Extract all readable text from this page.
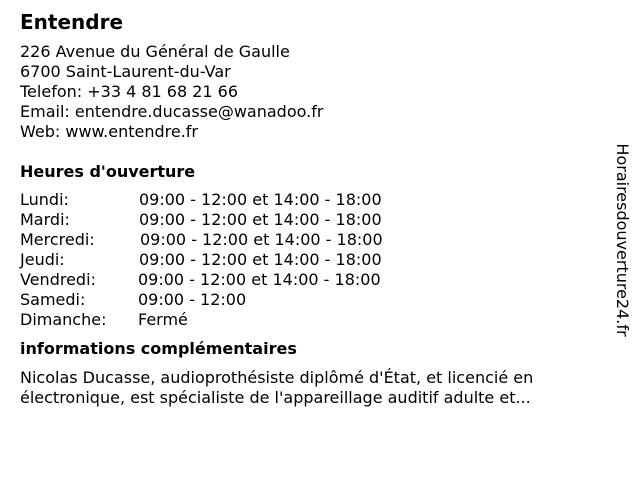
Entendre
226 Avenue du Général de Gaulle
6700 Saint-Laurent-du-Var
Telefon: +33 4 81 68 21 66
Email: entendre.ducasse@wanadoo.fr
Web: www.entendre.fr
Heures d'ouverture
Lundi:	09:00 - 12:00 et 14:00 - 18:00
Mardi:	09:00 - 12:00 et 14:00 - 18:00
Mercredi:	09:00 - 12:00 et 14:00 - 18:00
Jeudi:	09:00 - 12:00 et 14:00 - 18:00
Vendredi:	09:00 - 12:00 et 14:00 - 18:00
Samedi:	09:00 - 12:00
Dimanche:	Fermé
informations complémentaires
Nicolas Ducasse, audioprothésiste diplômé d'État, et licencié en électronique, est spécialiste de l'appareillage auditif adulte et...
Horairesdouverture24.fr
